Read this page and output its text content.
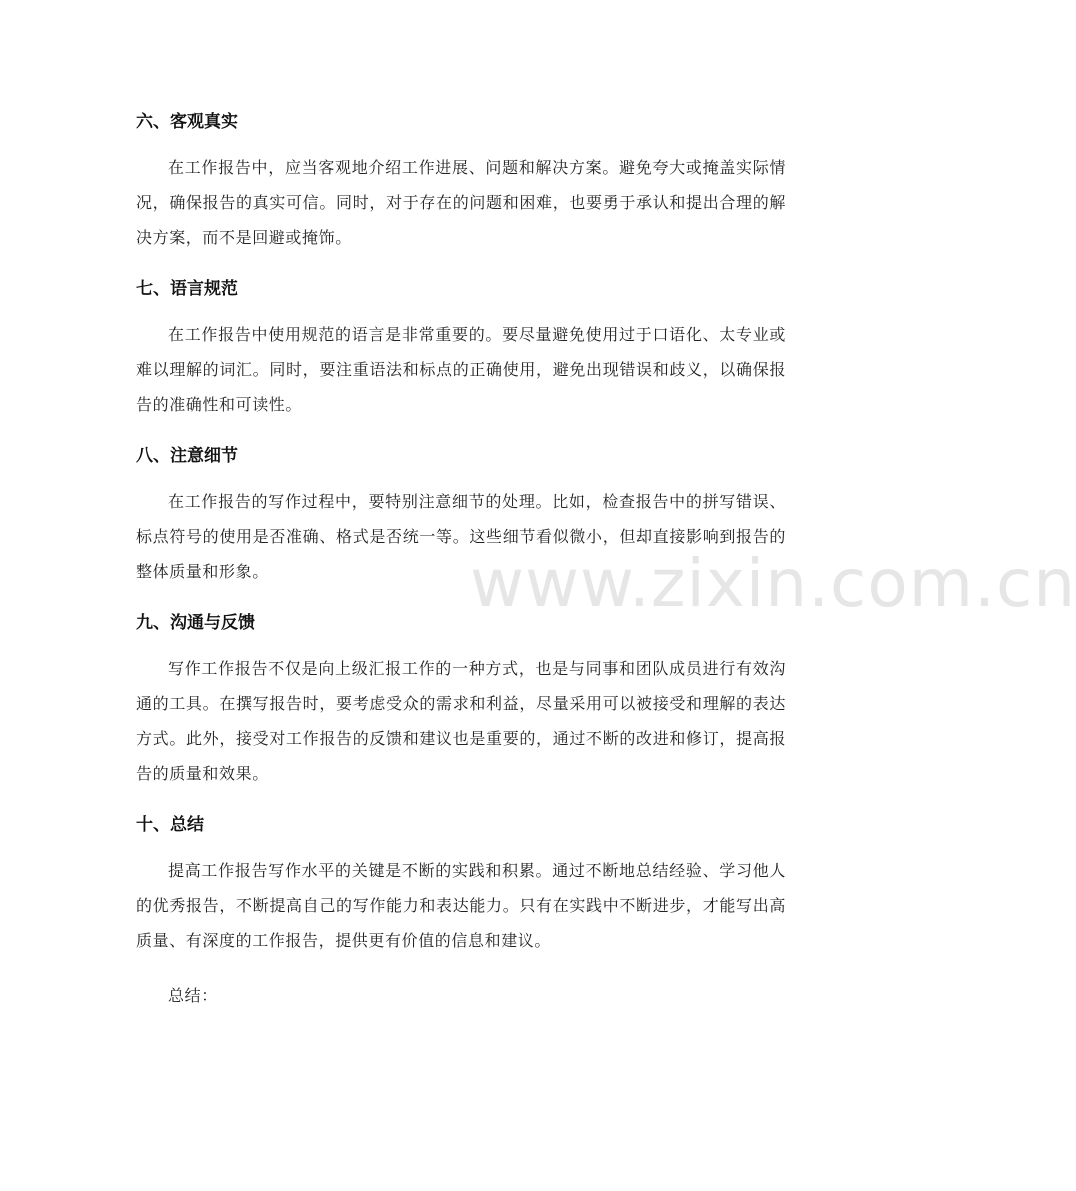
www.zixin.com.cn
六、客观真实

在工作报告中，应当客观地介绍工作进展、问题和解决方案。避免夸大或掩盖实际情况，确保报告的真实可信。同时，对于存在的问题和困难，也要勇于承认和提出合理的解决方案，而不是回避或掩饰。

七、语言规范

在工作报告中使用规范的语言是非常重要的。要尽量避免使用过于口语化、太专业或难以理解的词汇。同时，要注重语法和标点的正确使用，避免出现错误和歧义，以确保报告的准确性和可读性。

八、注意细节

在工作报告的写作过程中，要特别注意细节的处理。比如，检查报告中的拼写错误、标点符号的使用是否准确、格式是否统一等。这些细节看似微小，但却直接影响到报告的整体质量和形象。

九、沟通与反馈

写作工作报告不仅是向上级汇报工作的一种方式，也是与同事和团队成员进行有效沟通的工具。在撰写报告时，要考虑受众的需求和利益，尽量采用可以被接受和理解的表达方式。此外，接受对工作报告的反馈和建议也是重要的，通过不断的改进和修订，提高报告的质量和效果。

十、总结

提高工作报告写作水平的关键是不断的实践和积累。通过不断地总结经验、学习他人的优秀报告，不断提高自己的写作能力和表达能力。只有在实践中不断进步，才能写出高质量、有深度的工作报告，提供更有价值的信息和建议。

总结：
